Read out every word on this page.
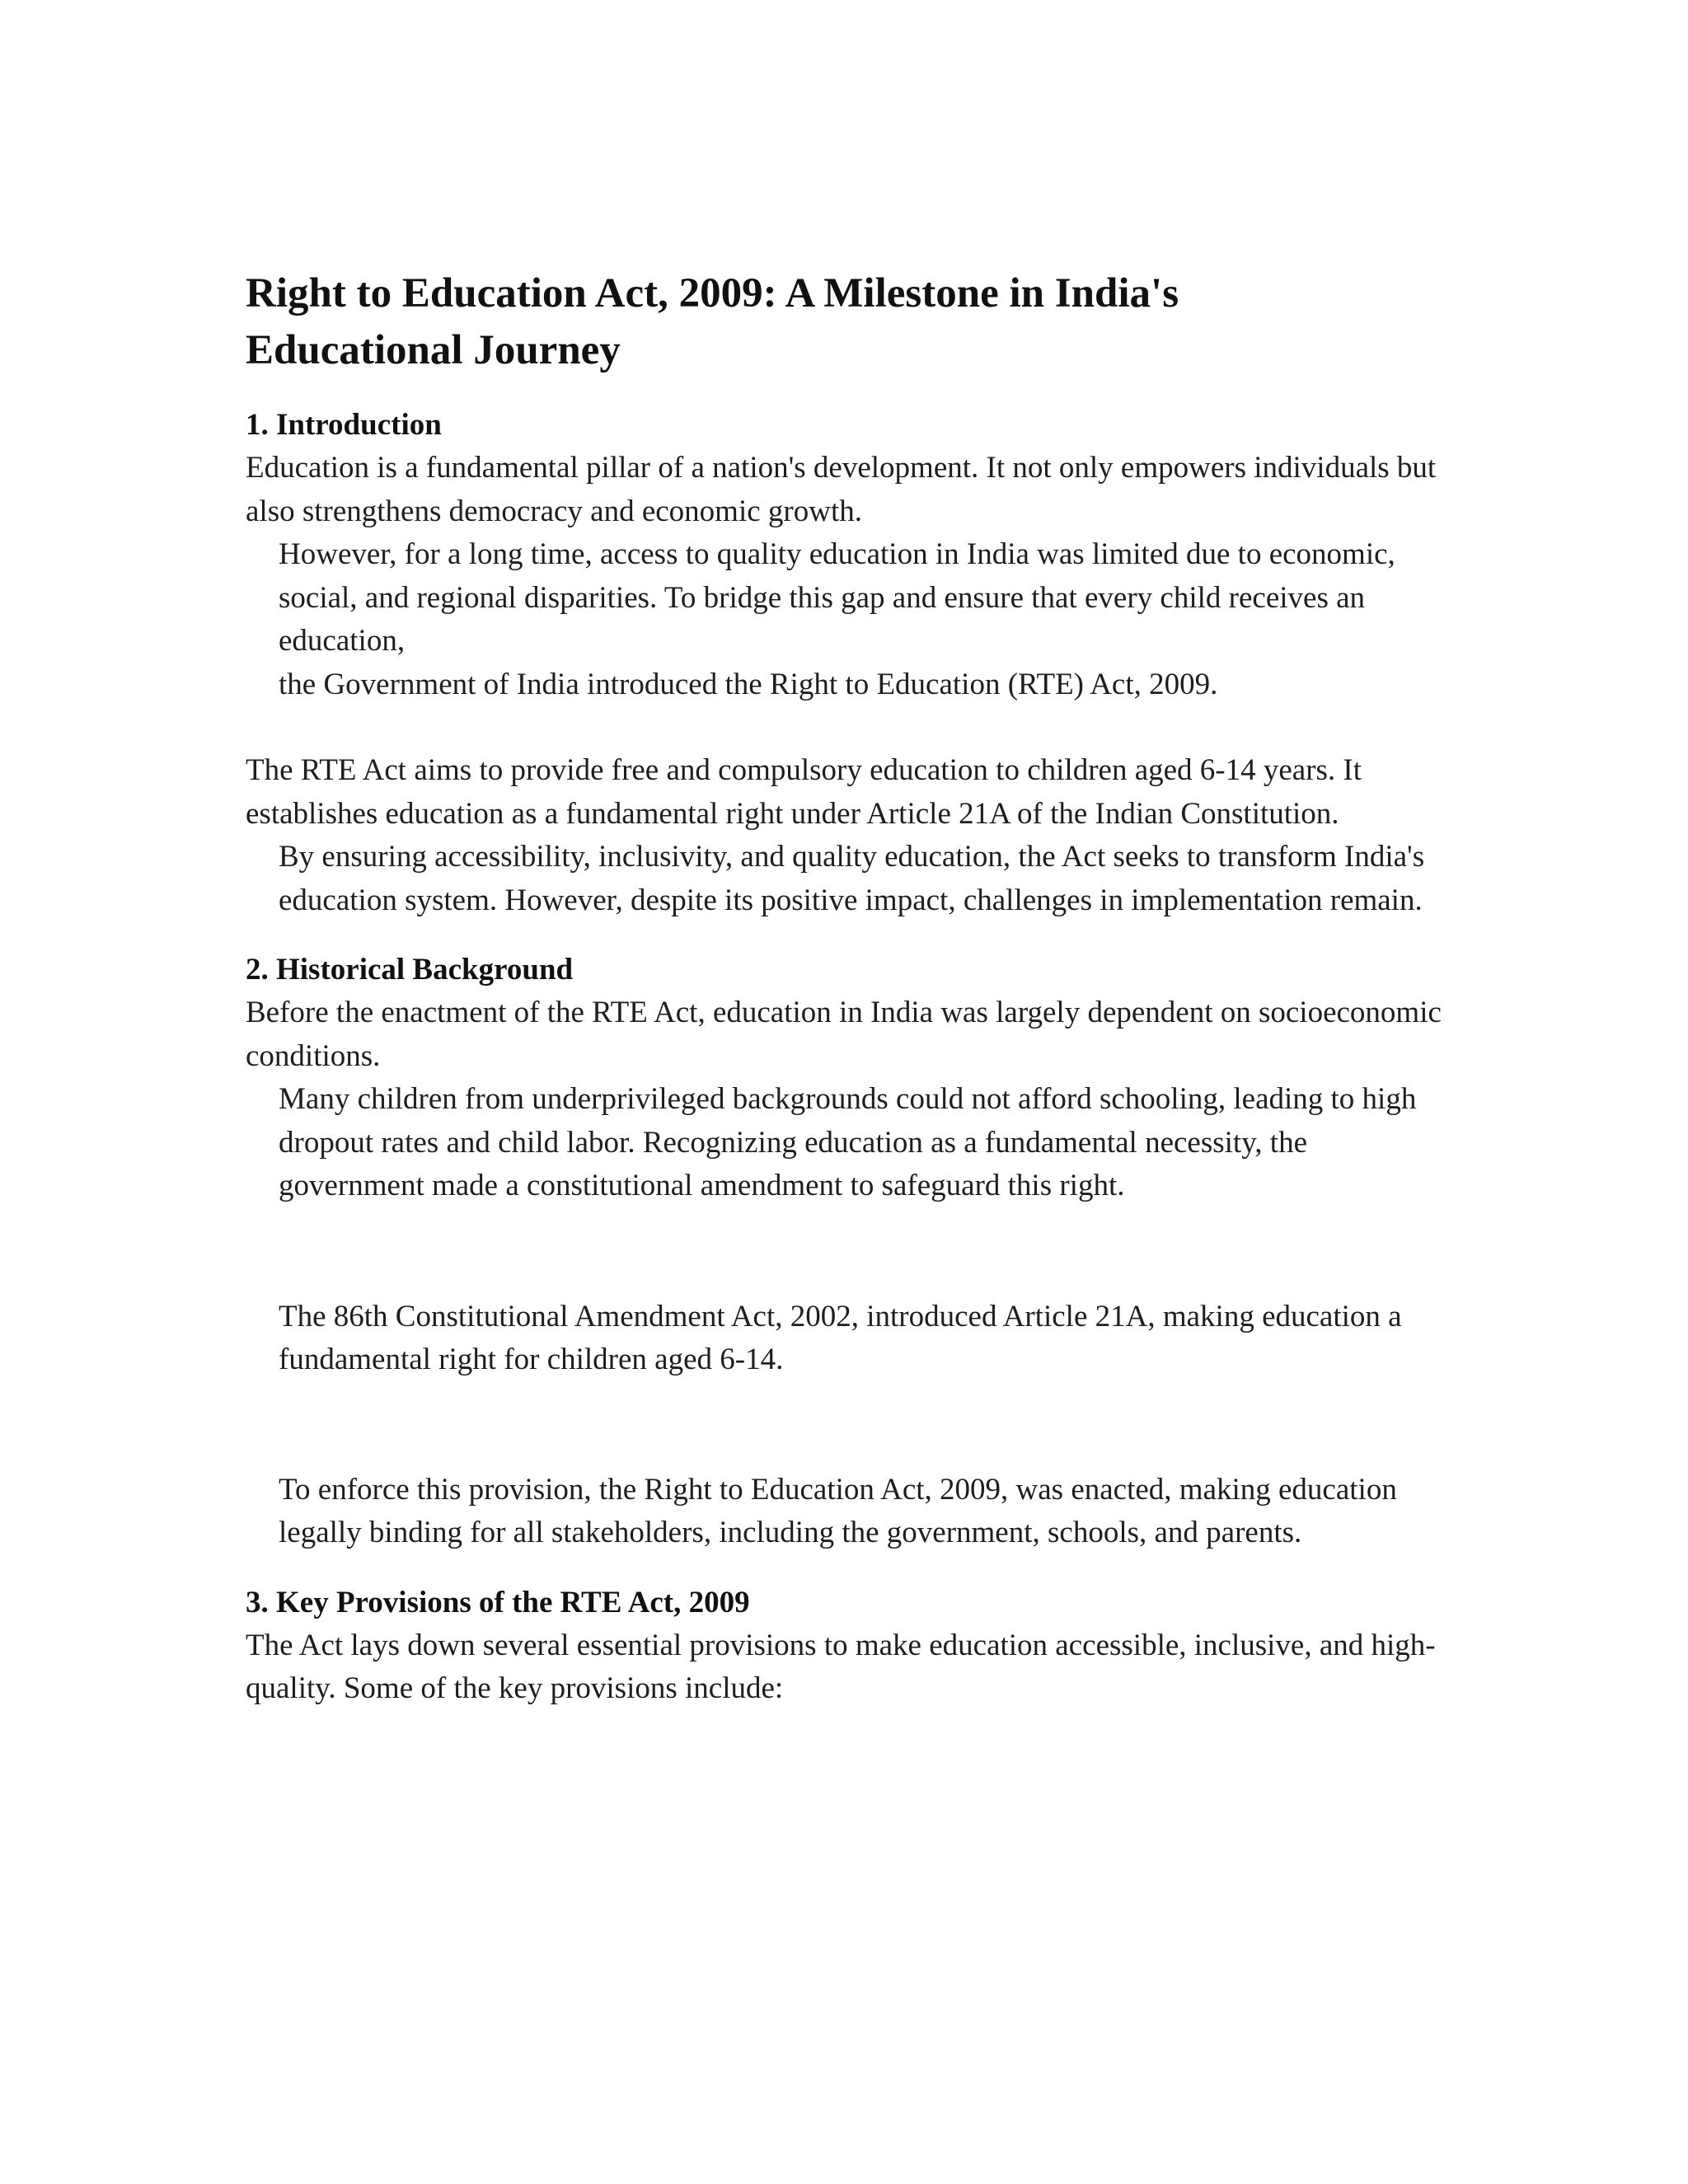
Right to Education Act, 2009: A Milestone in India's Educational Journey
1. Introduction

Education is a fundamental pillar of a nation's development. It not only empowers individuals but also strengthens democracy and economic growth.

However, for a long time, access to quality education in India was limited due to economic, social, and regional disparities. To bridge this gap and ensure that every child receives an education,

the Government of India introduced the Right to Education (RTE) Act, 2009.

The RTE Act aims to provide free and compulsory education to children aged 6-14 years. It establishes education as a fundamental right under Article 21A of the Indian Constitution.

By ensuring accessibility, inclusivity, and quality education, the Act seeks to transform India's education system. However, despite its positive impact, challenges in implementation remain.

2. Historical Background

Before the enactment of the RTE Act, education in India was largely dependent on socioeconomic conditions.

Many children from underprivileged backgrounds could not afford schooling, leading to high dropout rates and child labor. Recognizing education as a fundamental necessity, the government made a constitutional amendment to safeguard this right.

The 86th Constitutional Amendment Act, 2002, introduced Article 21A, making education a fundamental right for children aged 6-14.

To enforce this provision, the Right to Education Act, 2009, was enacted, making education legally binding for all stakeholders, including the government, schools, and parents.

3. Key Provisions of the RTE Act, 2009

The Act lays down several essential provisions to make education accessible, inclusive, and high-quality. Some of the key provisions include:
